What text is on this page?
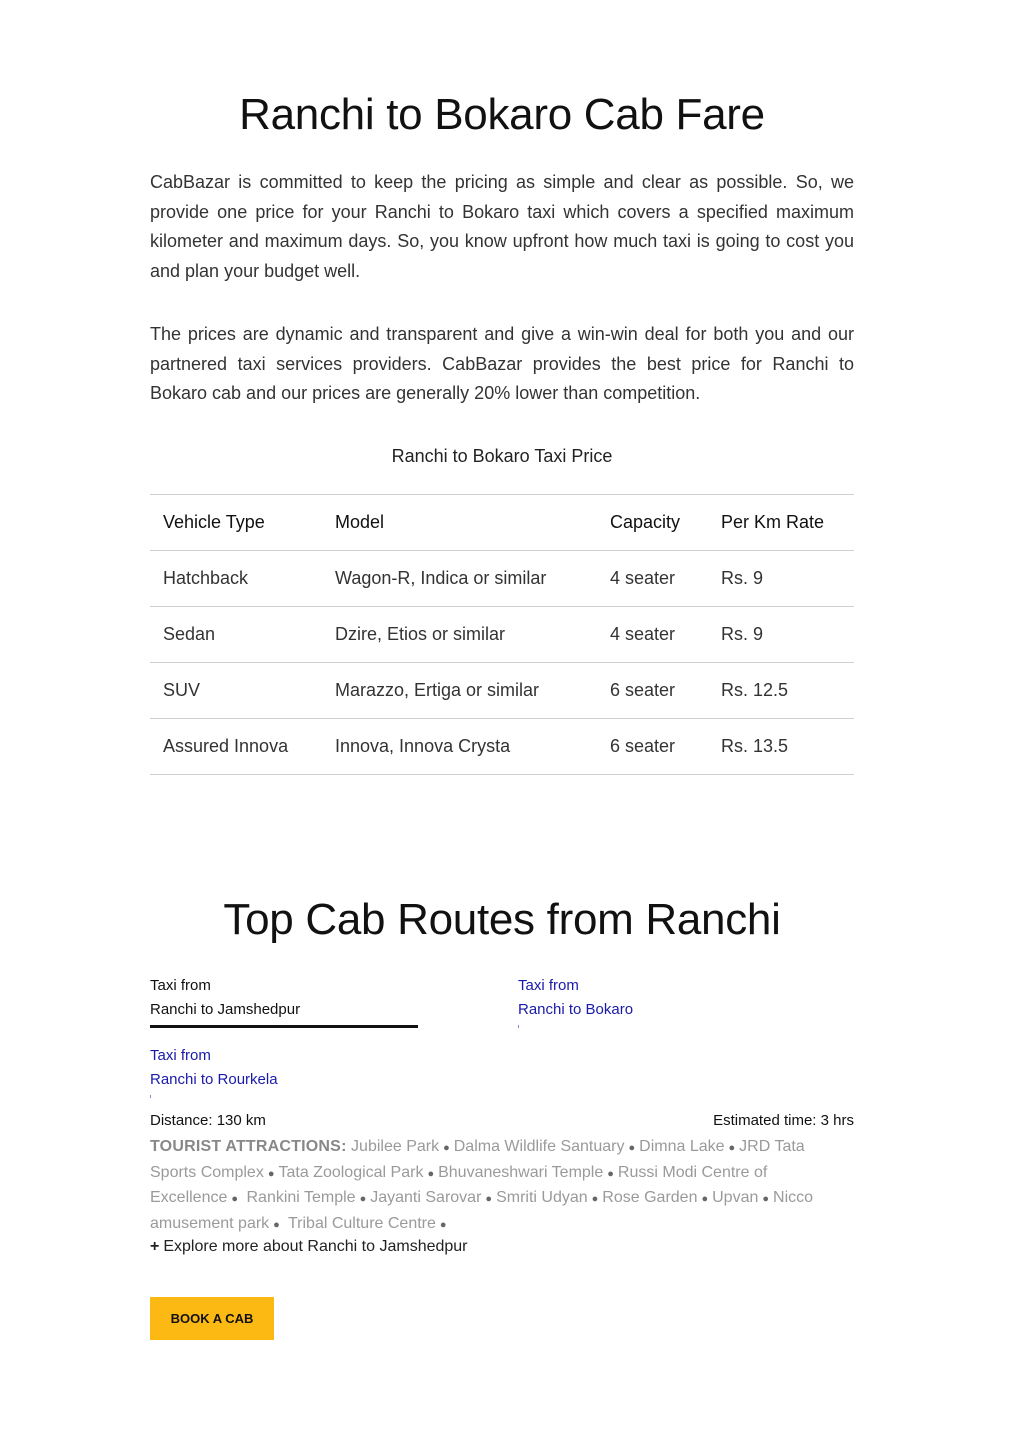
Ranchi to Bokaro Cab Fare

CabBazar is committed to keep the pricing as simple and clear as possible. So, we provide one price for your Ranchi to Bokaro taxi which covers a specified maximum kilometer and maximum days. So, you know upfront how much taxi is going to cost you and plan your budget well.

The prices are dynamic and transparent and give a win-win deal for both you and our partnered taxi services providers. CabBazar provides the best price for Ranchi to Bokaro cab and our prices are generally 20% lower than competition.

Ranchi to Bokaro Taxi Price
Vehicle Type	Model	Capacity	Per Km Rate
Hatchback	Wagon-R, Indica or similar	4 seater	Rs. 9
Sedan	Dzire, Etios or similar	4 seater	Rs. 9
SUV	Marazzo, Ertiga or similar	6 seater	Rs. 12.5
Assured Innova	Innova, Innova Crysta	6 seater	Rs. 13.5
Top Cab Routes from Ranchi
Taxi from
Ranchi to Jamshedpur
Taxi from
Ranchi to Bokaro
Taxi from
Ranchi to Rourkela
Distance: 130 km	Estimated time: 3 hrs
TOURIST ATTRACTIONS: Jubilee Park ● Dalma Wildlife Santuary ● Dimna Lake ● JRD Tata Sports Complex ● Tata Zoological Park ● Bhuvaneshwari Temple ● Russi Modi Centre of Excellence ● Rankini Temple ● Jayanti Sarovar ● Smriti Udyan ● Rose Garden ● Upvan ● Nicco amusement park ● Tribal Culture Centre ●
+ Explore more about Ranchi to Jamshedpur
BOOK A CAB
